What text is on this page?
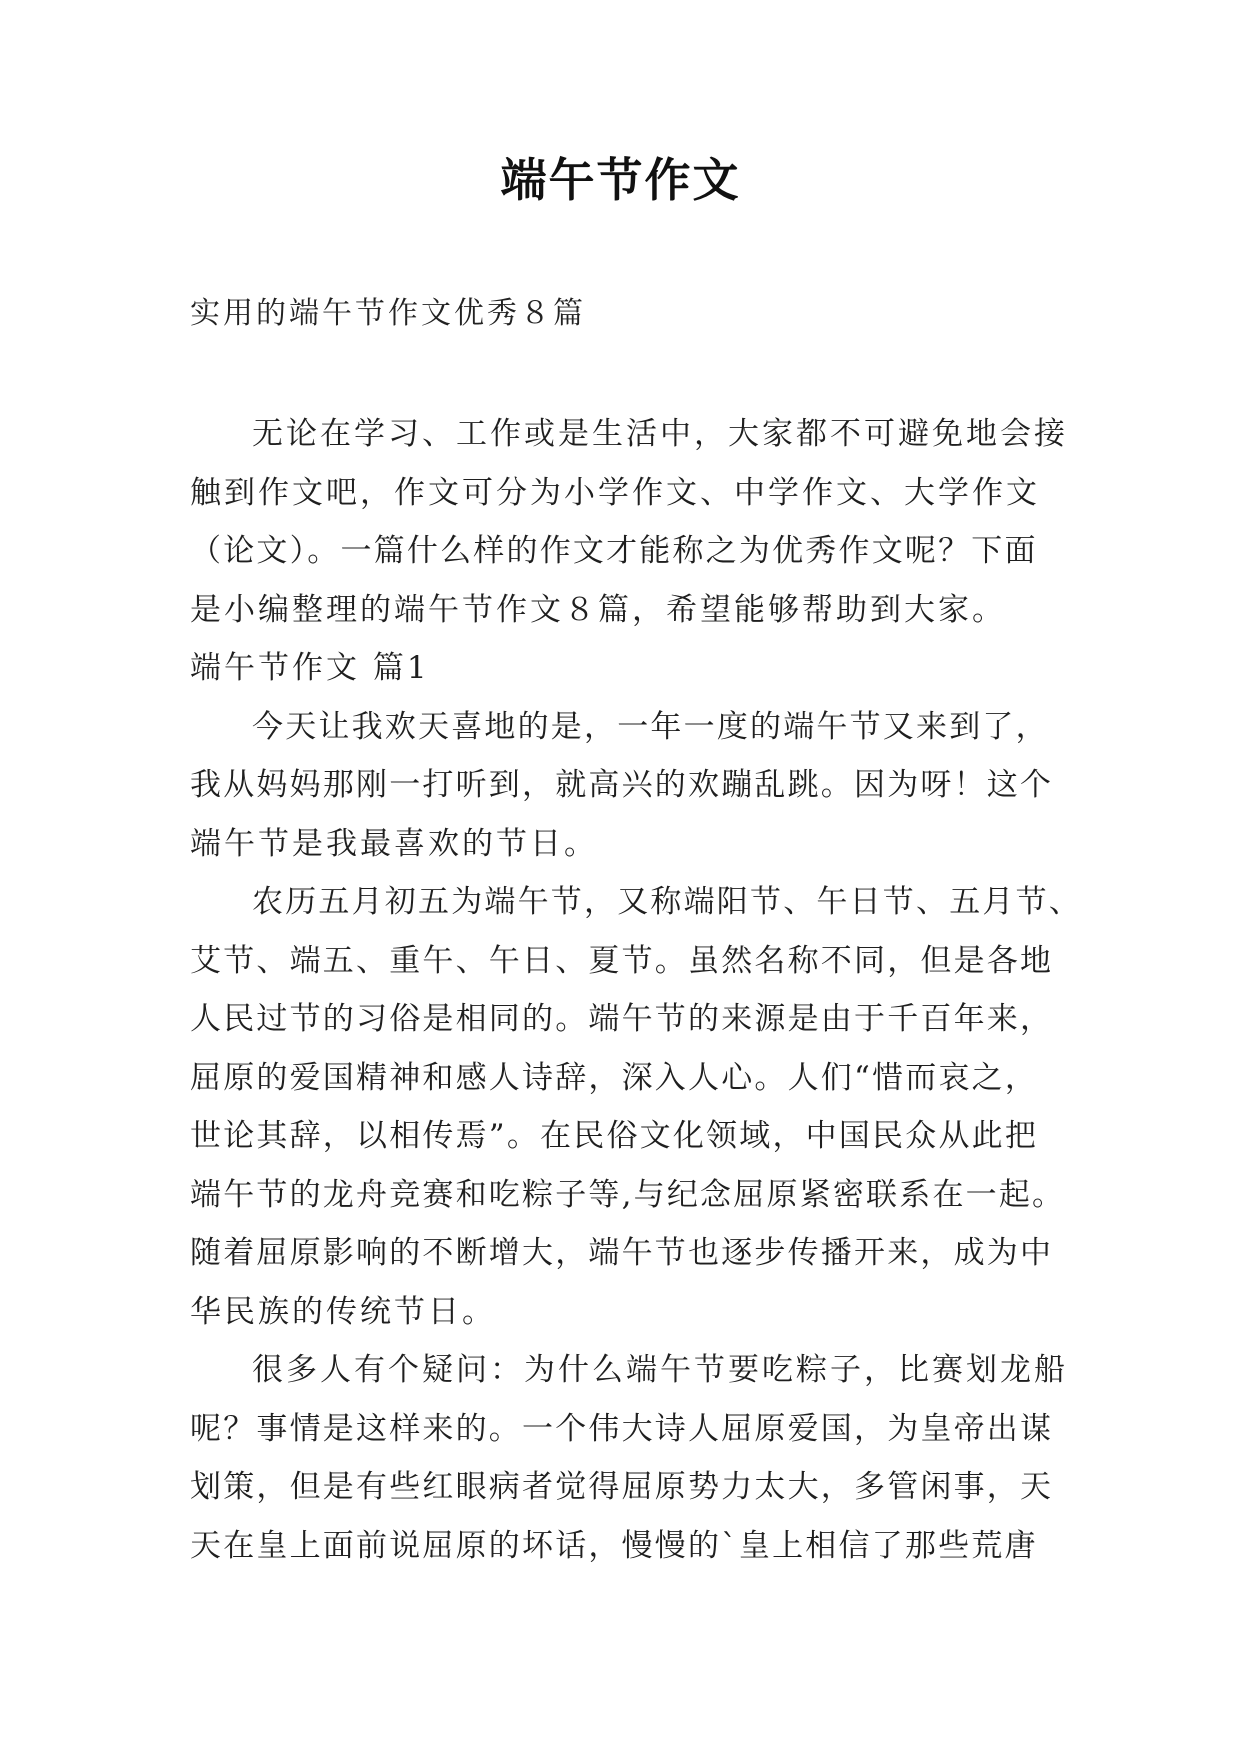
端午节作文
实用的端午节作文优秀８篇
无论在学习、工作或是生活中，大家都不可避免地会接
触到作文吧，作文可分为小学作文、中学作文、大学作文
（论文）。一篇什么样的作文才能称之为优秀作文呢？下面
是小编整理的端午节作文８篇，希望能够帮助到大家。
端午节作文 篇1
今天让我欢天喜地的是，一年一度的端午节又来到了，
我从妈妈那刚一打听到，就高兴的欢蹦乱跳。因为呀！这个
端午节是我最喜欢的节日。
农历五月初五为端午节，又称端阳节、午日节、五月节、
艾节、端五、重午、午日、夏节。虽然名称不同，但是各地
人民过节的习俗是相同的。端午节的来源是由于千百年来，
屈原的爱国精神和感人诗辞，深入人心。人们“惜而哀之，
世论其辞，以相传焉”。在民俗文化领域，中国民众从此把
端午节的龙舟竞赛和吃粽子等,与纪念屈原紧密联系在一起。
随着屈原影响的不断增大，端午节也逐步传播开来，成为中
华民族的传统节日。
很多人有个疑问：为什么端午节要吃粽子，比赛划龙船
呢？事情是这样来的。一个伟大诗人屈原爱国，为皇帝出谋
划策，但是有些红眼病者觉得屈原势力太大，多管闲事，天
天在皇上面前说屈原的坏话，慢慢的`皇上相信了那些荒唐
